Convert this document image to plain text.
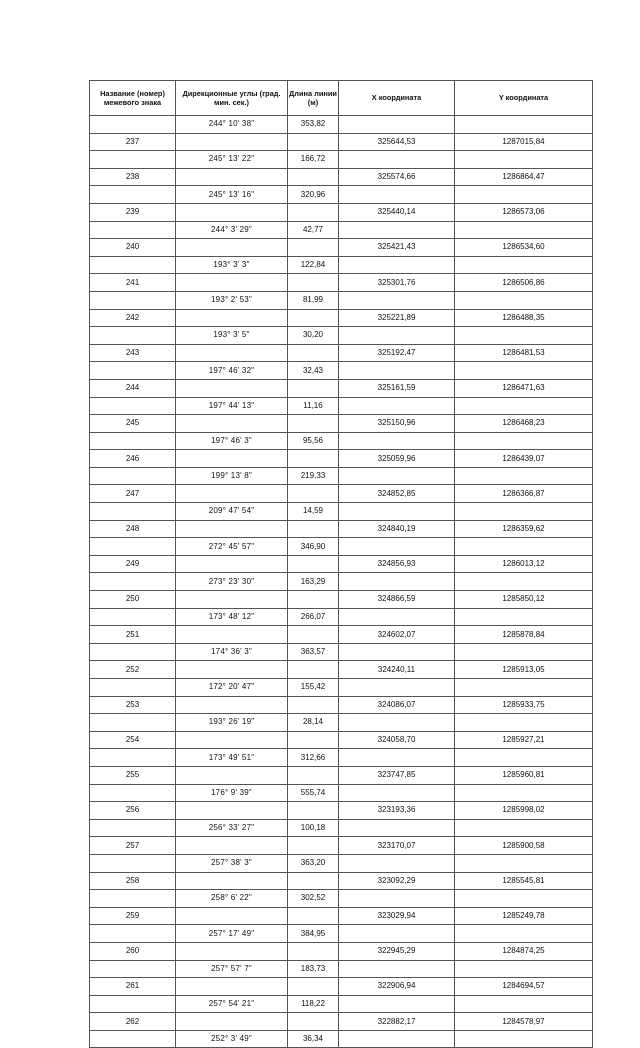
Название (номер) межевого знака	Дирекционные углы (град. мин. сек.)	Длина линии (м)	X координата	Y координата
	244° 10' 38"	353,82		
237			325644,53	1287015,84
	245° 13' 22"	166,72		
238			325574,66	1286864,47
	245° 13' 16"	320,96		
239			325440,14	1286573,06
	244° 3' 29"	42,77		
240			325421,43	1286534,60
	193° 3' 3"	122,84		
241			325301,76	1286506,86
	193° 2' 53"	81,99		
242			325221,89	1286488,35
	193° 3' 5"	30,20		
243			325192,47	1286481,53
	197° 46' 32"	32,43		
244			325161,59	1286471,63
	197° 44' 13"	11,16		
245			325150,96	1286468,23
	197° 46' 3"	95,56		
246			325059,96	1286439,07
	199° 13' 8"	219,33		
247			324852,85	1286366,87
	209° 47' 54"	14,59		
248			324840,19	1286359,62
	272° 45' 57"	346,90		
249			324856,93	1286013,12
	273° 23' 30"	163,29		
250			324866,59	1285850,12
	173° 48' 12"	266,07		
251			324602,07	1285878,84
	174° 36' 3"	363,57		
252			324240,11	1285913,05
	172° 20' 47"	155,42		
253			324086,07	1285933,75
	193° 26' 19"	28,14		
254			324058,70	1285927,21
	173° 49' 51"	312,66		
255			323747,85	1285960,81
	176° 9' 39"	555,74		
256			323193,36	1285998,02
	256° 33' 27"	100,18		
257			323170,07	1285900,58
	257° 38' 3"	363,20		
258			323092,29	1285545,81
	258° 6' 22"	302,52		
259			323029,94	1285249,78
	257° 17' 49"	384,95		
260			322945,29	1284874,25
	257° 57' 7"	183,73		
261			322906,94	1284694,57
	257° 54' 21"	118,22		
262			322882,17	1284578,97
	252° 3' 49"	36,34		
